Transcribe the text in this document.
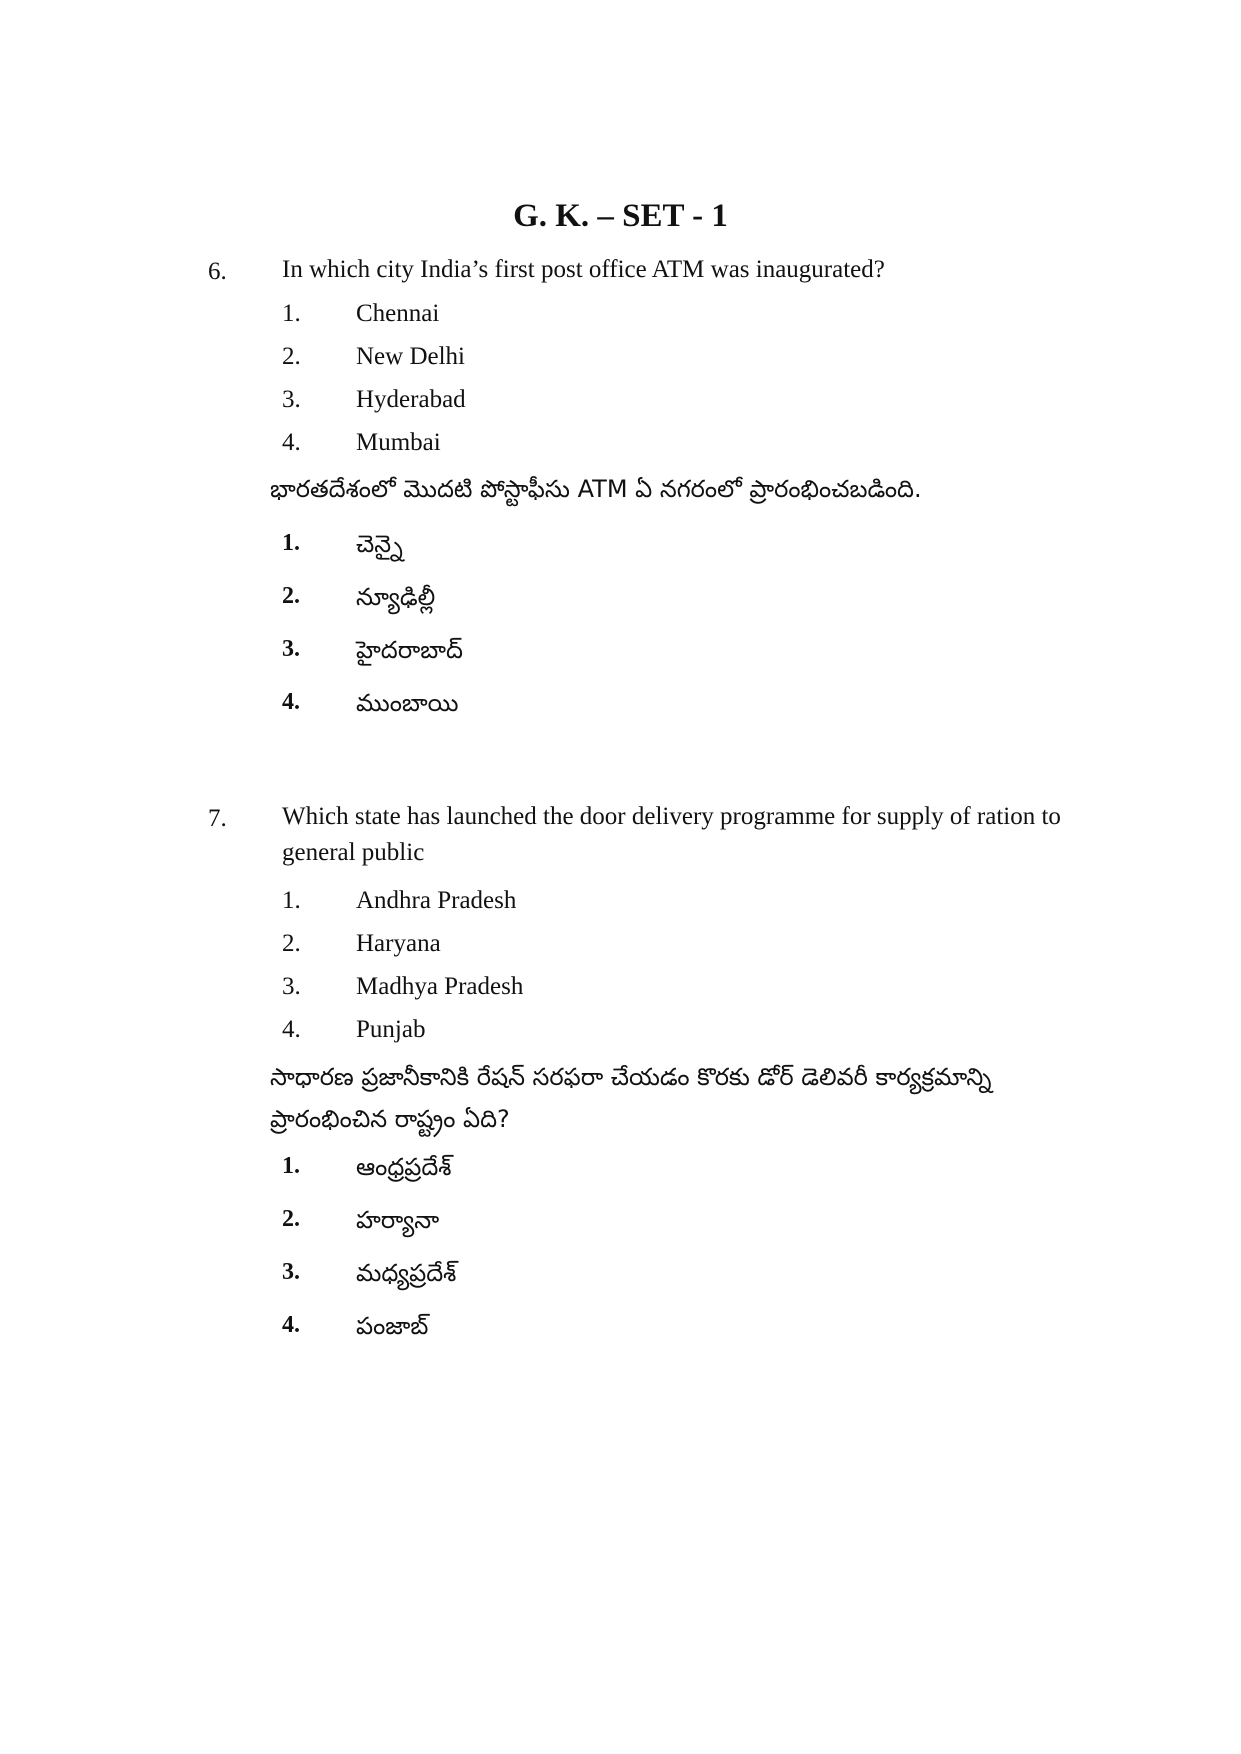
G. K. – SET - 1
6. In which city India’s first post office ATM was inaugurated?

1.	Chennai
2.	New Delhi
3.	Hyderabad
4.	Mumbai

భారతదేశంలో మొదటి పోస్టాఫీసు ATM ఏ నగరంలో ప్రారంభించబడింది.

1.	చెన్నై
2.	న్యూఢిల్లీ
3.	హైదరాబాద్
4.	ముంబాయి
7. Which state has launched the door delivery programme for supply of ration to general public

1.	Andhra Pradesh
2.	Haryana
3.	Madhya Pradesh
4.	Punjab

సాధారణ ప్రజానీకానికి రేషన్ సరఫరా చేయడం కొరకు డోర్ డెలివరీ కార్యక్రమాన్ని ప్రారంభించిన రాష్ట్రం ఏది?

1.	ఆంధ్రప్రదేశ్
2.	హర్యానా
3.	మధ్యప్రదేశ్
4.	పంజాబ్
